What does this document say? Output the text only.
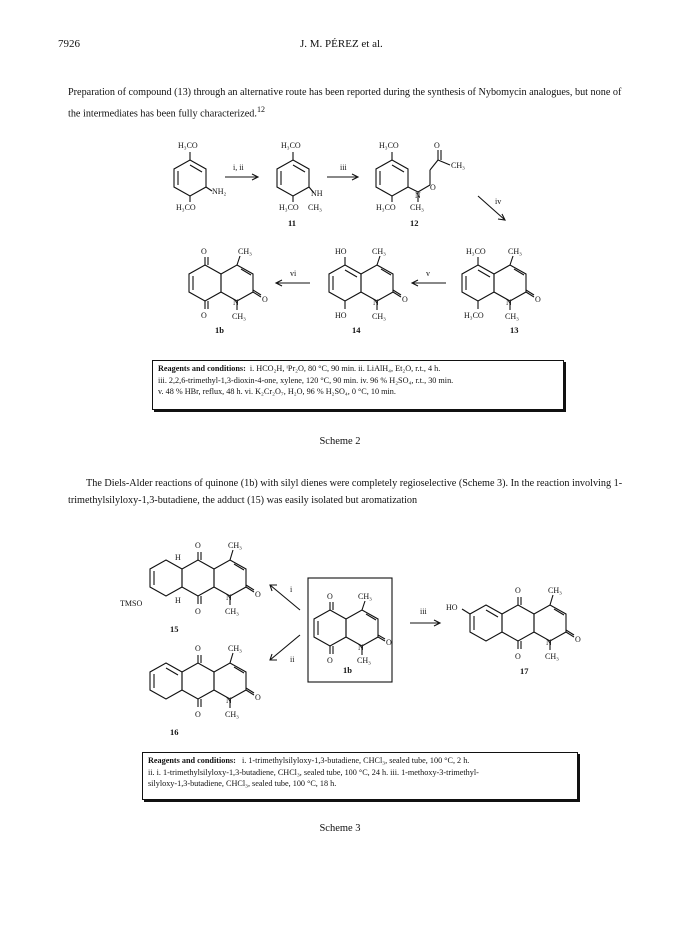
7926	J. M. PÉREZ et al.
Preparation of compound (13) through an alternative route has been reported during the synthesis of Nybomycin analogues, but none of the intermediates has been fully characterized.$^{12}$
H₃CO
H₃CO
NH₂
H₃CO
H₃CO
NH
CH₃
H₃CO
H₃CO
N
CH₃
O
CH₃
O
O	CH₃
O
N	O
CH₃
HO	CH₃
HO
N	O
CH₃
H₃CO	CH₃
H₃CO
N	O
CH₃
11	12
13
14
1b
i, ii	iii
iv
v
vi
Reagents and conditions: i. HCO₂H, ⁱPr₂O, 80 °C, 90 min. ii. LiAlH₄, Et₂O, r.t., 4 h.
iii. 2,2,6-trimethyl-1,3-dioxin-4-one, xylene, 120 °C, 90 min. iv. 96 % H₂SO₄, r.t., 30 min.
v. 48 % HBr, reflux, 48 h. vi. K₂Cr₂O₇, H₂O, 96 % H₂SO₄, 0 °C, 10 min.
Scheme 2
The Diels-Alder reactions of quinone (1b) with silyl dienes were completely regioselective (Scheme 3). In the reaction involving 1-trimethylsilyloxy-1,3-butadiene, the adduct (15) was easily isolated but aromatization
H
O	CH₃
TMSO	H
O
N	O
CH₃
O	CH₃
O
N	O
CH₃
O	CH₃
O
N
O
CH₃
HO
O	CH₃
O
N	O
CH₃
15
16
1b	17
i
ii
iii
Reagents and conditions: i. 1-trimethylsilyloxy-1,3-butadiene, CHCl₃, sealed tube, 100 °C, 2 h.
ii. i. 1-trimethylsilyloxy-1,3-butadiene, CHCl₃, sealed tube, 100 °C, 24 h. iii. 1-methoxy-3-trimethyl-
silyloxy-1,3-butadiene, CHCl₃, sealed tube, 100 °C, 18 h.
Scheme 3
